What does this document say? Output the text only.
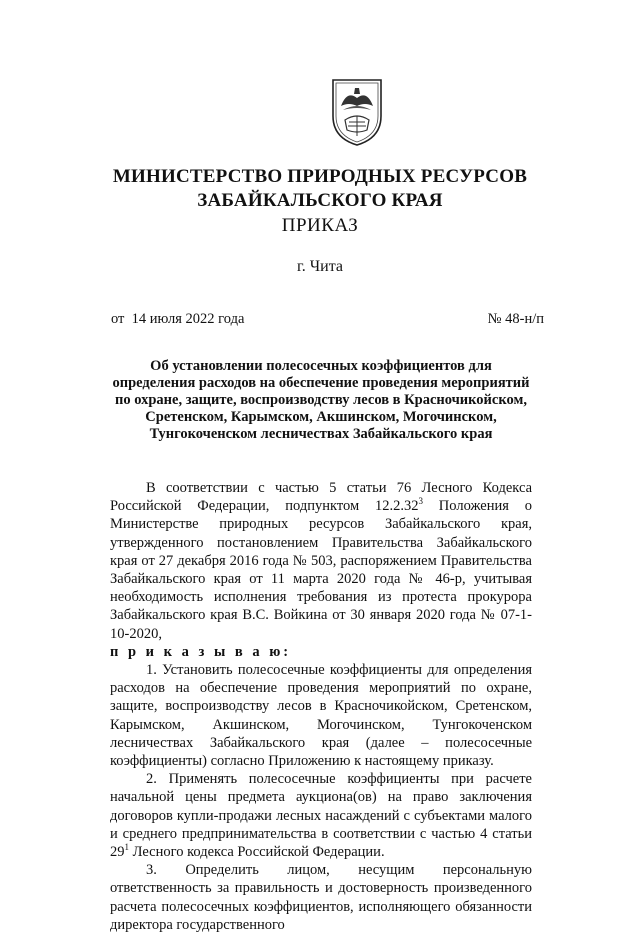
МИНИСТЕРСТВО ПРИРОДНЫХ РЕСУРСОВ
ЗАБАЙКАЛЬСКОГО КРАЯ
ПРИКАЗ
г. Чита
от  14 июля 2022 года	№ 48-н/п
Об установлении полесосечных коэффициентов для определения расходов на обеспечение проведения мероприятий по охране, защите, воспроизводству лесов в Красночикойском, Сретенском, Карымском, Акшинском, Могочинском, Тунгокоченском лесничествах Забайкальского края

В соответствии с частью 5 статьи 76 Лесного Кодекса Российской Федерации, подпунктом 12.2.32$^3$ Положения о Министерстве природных ресурсов Забайкальского края, утвержденного постановлением Правительства Забайкальского края от 27 декабря 2016 года № 503, распоряжением Правительства Забайкальского края от 11 марта 2020 года № 46-р, учитывая необходимость исполнения требования из протеста прокурора Забайкальского края В.С. Войкина от 30 января 2020 года № 07-1-10-2020,

п р и к а з ы в а ю:

1. Установить полесосечные коэффициенты для определения расходов на обеспечение проведения мероприятий по охране, защите, воспроизводству лесов в Красночикойском, Сретенском, Карымском, Акшинском, Могочинском, Тунгокоченском лесничествах Забайкальского края (далее – полесосечные коэффициенты) согласно Приложению к настоящему приказу.

2. Применять полесосечные коэффициенты при расчете начальной цены предмета аукциона(ов) на право заключения договоров купли-продажи лесных насаждений с субъектами малого и среднего предпринимательства в соответствии с частью 4 статьи $29^1$ Лесного кодекса Российской Федерации.

3. Определить лицом, несущим персональную ответственность за правильность и достоверность произведенного расчета полесосечных коэффициентов, исполняющего обязанности директора государственного
